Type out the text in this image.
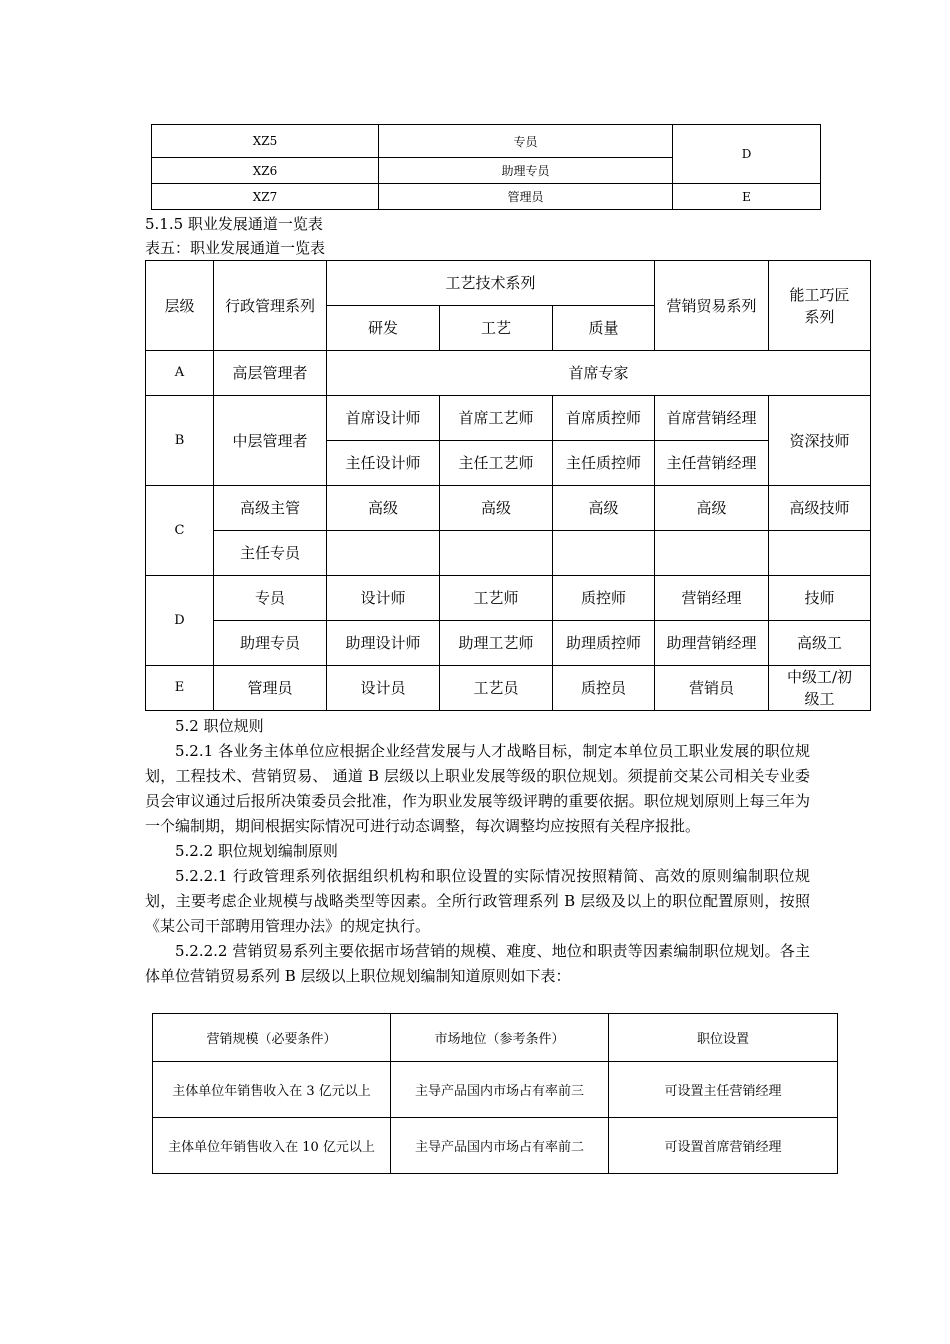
XZ5	专员	D
XZ6	助理专员	
XZ7	管理员	E
5.1.5 职业发展通道一览表
表五：职业发展通道一览表
层级	行政管理系列	工艺技术系列			营销贸易系列	能工巧匠系列
		研发	工艺	质量		
A	高层管理者	首席专家				
B	中层管理者	首席设计师	首席工艺师	首席质控师	首席营销经理	资深技师
		主任设计师	主任工艺师	主任质控师	主任营销经理	
C	高级主管	高级	高级	高级	高级	高级技师
	主任专员					
D	专员	设计师	工艺师	质控师	营销经理	技师
	助理专员	助理设计师	助理工艺师	助理质控师	助理营销经理	高级工
E	管理员	设计员	工艺员	质控员	营销员	中级工/初级工

5.2 职位规则

5.2.1 各业务主体单位应根据企业经营发展与人才战略目标，制定本单位员工职业发展的职位规划，工程技术、营销贸易、 通道 B 层级以上职业发展等级的职位规划。须提前交某公司相关专业委员会审议通过后报所决策委员会批准，作为职业发展等级评聘的重要依据。职位规划原则上每三年为一个编制期，期间根据实际情况可进行动态调整，每次调整均应按照有关程序报批。

5.2.2 职位规划编制原则

5.2.2.1 行政管理系列依据组织机构和职位设置的实际情况按照精简、高效的原则编制职位规划，主要考虑企业规模与战略类型等因素。全所行政管理系列 B 层级及以上的职位配置原则，按照《某公司干部聘用管理办法》的规定执行。

5.2.2.2 营销贸易系列主要依据市场营销的规模、难度、地位和职责等因素编制职位规划。各主体单位营销贸易系列 B 层级以上职位规划编制知道原则如下表：

营销规模（必要条件）	市场地位（参考条件）	职位设置
主体单位年销售收入在 3 亿元以上	主导产品国内市场占有率前三	可设置主任营销经理
主体单位年销售收入在 10 亿元以上	主导产品国内市场占有率前二	可设置首席营销经理
